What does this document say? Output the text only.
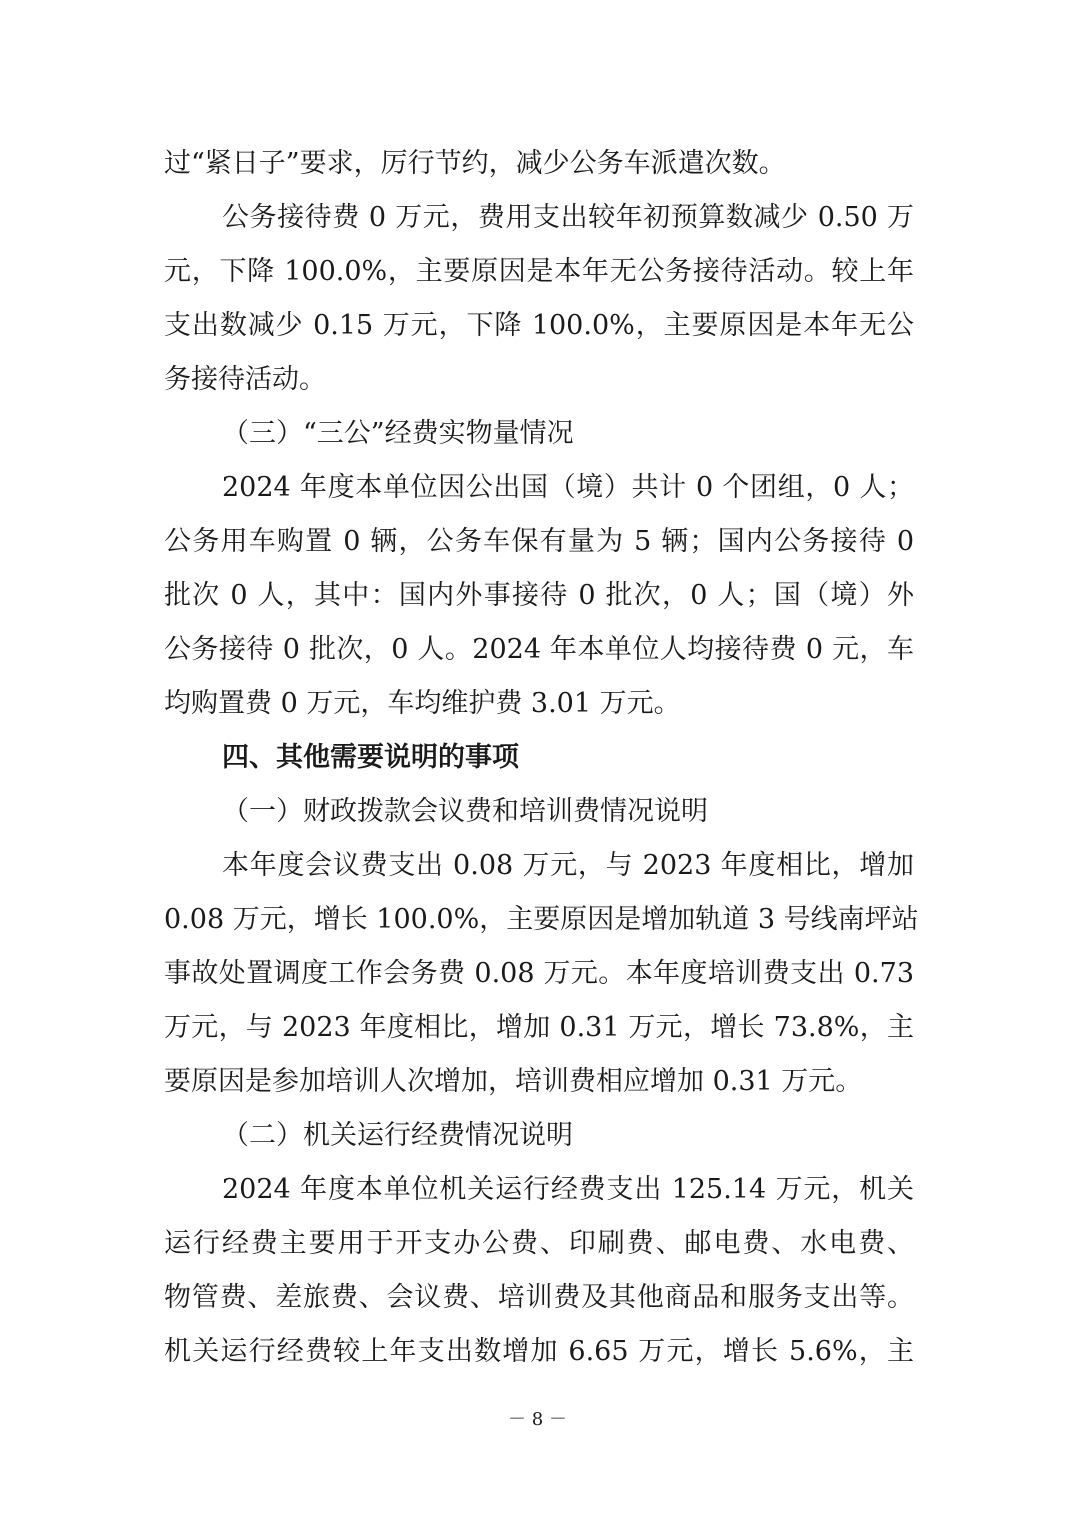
过“紧日子”要求，厉行节约，减少公务车派遣次数。
公务接待费 0 万元，费用支出较年初预算数减少 0.50 万
元，下降 100.0%，主要原因是本年无公务接待活动。较上年
支出数减少 0.15 万元，下降 100.0%，主要原因是本年无公
务接待活动。
（三）“三公”经费实物量情况
2024 年度本单位因公出国（境）共计 0 个团组，0 人；
公务用车购置 0 辆，公务车保有量为 5 辆；国内公务接待 0
批次 0 人，其中：国内外事接待 0 批次，0 人；国（境）外
公务接待 0 批次，0 人。2024 年本单位人均接待费 0 元，车
均购置费 0 万元，车均维护费 3.01 万元。
四、其他需要说明的事项
（一）财政拨款会议费和培训费情况说明
本年度会议费支出 0.08 万元，与 2023 年度相比，增加
0.08 万元，增长 100.0%，主要原因是增加轨道 3 号线南坪站
事故处置调度工作会务费 0.08 万元。本年度培训费支出 0.73
万元，与 2023 年度相比，增加 0.31 万元，增长 73.8%，主
要原因是参加培训人次增加，培训费相应增加 0.31 万元。
（二）机关运行经费情况说明
2024 年度本单位机关运行经费支出 125.14 万元，机关
运行经费主要用于开支办公费、印刷费、邮电费、水电费、
物管费、差旅费、会议费、培训费及其他商品和服务支出等。
机关运行经费较上年支出数增加 6.65 万元，增长 5.6%，主
－ 8 －
